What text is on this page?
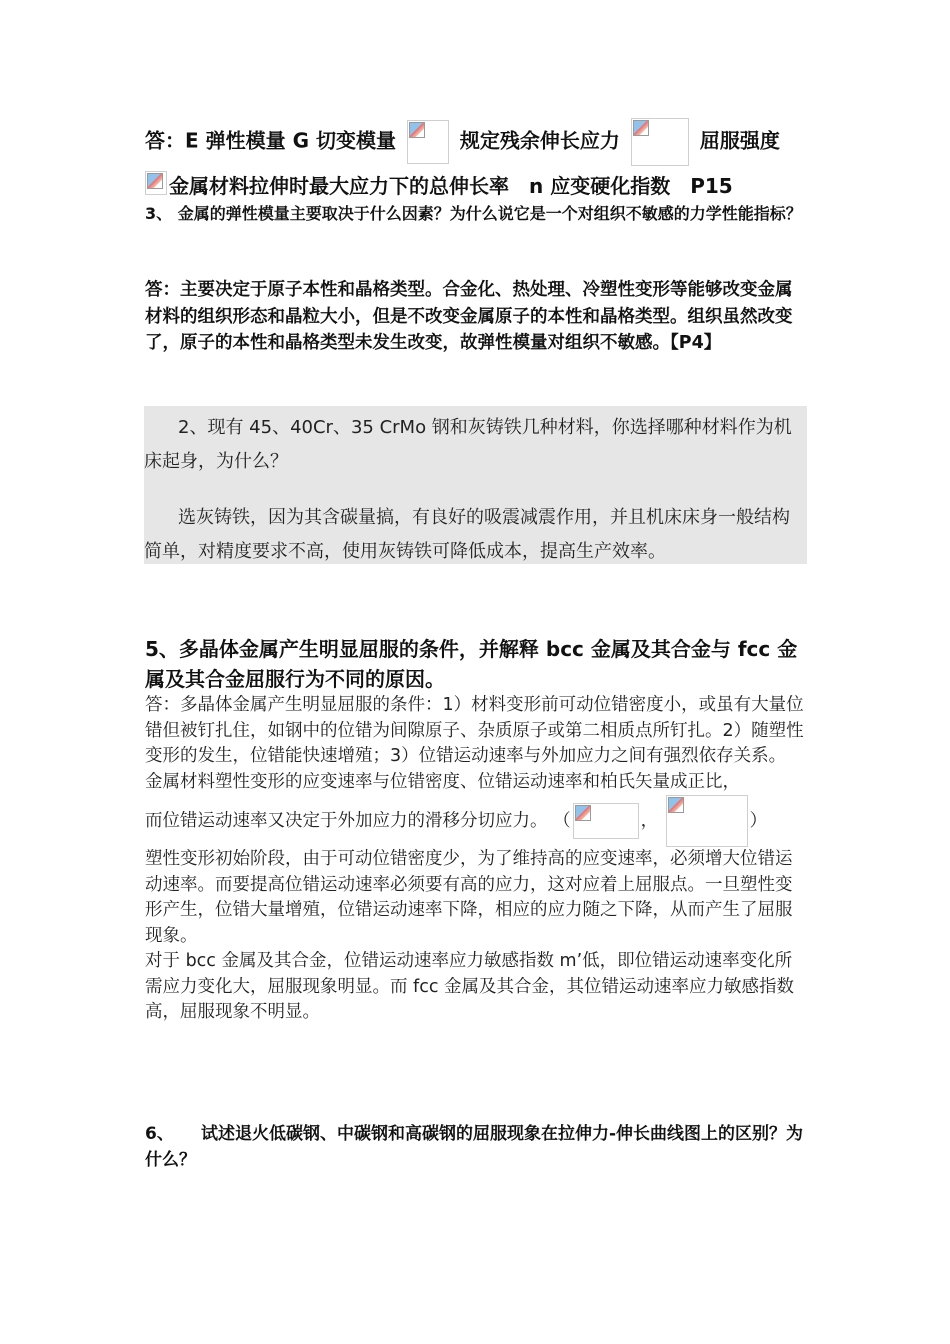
答：E 弹性模量 G 切变模量	规定残余伸长应力	屈服强度
金属材料拉伸时最大应力下的总伸长率　n 应变硬化指数　P15
3、 金属的弹性模量主要取决于什么因素？为什么说它是一个对组织不敏感的力学性能指标？
答：主要决定于原子本性和晶格类型。合金化、热处理、冷塑性变形等能够改变金属材料的组织形态和晶粒大小，但是不改变金属原子的本性和晶格类型。组织虽然改变了，原子的本性和晶格类型未发生改变，故弹性模量对组织不敏感。【P4】

2、现有 45、40Cr、35 CrMo 钢和灰铸铁几种材料，你选择哪种材料作为机床起身，为什么？

选灰铸铁，因为其含碳量搞，有良好的吸震减震作用，并且机床床身一般结构简单，对精度要求不高，使用灰铸铁可降低成本，提高生产效率。

5、多晶体金属产生明显屈服的条件，并解释 bcc 金属及其合金与 fcc 金属及其合金屈服行为不同的原因。
答：多晶体金属产生明显屈服的条件：1）材料变形前可动位错密度小，或虽有大量位错但被钉扎住，如钢中的位错为间隙原子、杂质原子或第二相质点所钉扎。2）随塑性变形的发生，位错能快速增殖；3）位错运动速率与外加应力之间有强烈依存关系。
金属材料塑性变形的应变速率与位错密度、位错运动速率和柏氏矢量成正比，
而位错运动速率又决定于外加应力的滑移分切应力。 （	，	）
塑性变形初始阶段，由于可动位错密度少，为了维持高的应变速率，必须增大位错运动速率。而要提高位错运动速率必须要有高的应力，这对应着上屈服点。一旦塑性变形产生，位错大量增殖，位错运动速率下降，相应的应力随之下降，从而产生了屈服现象。
对于 bcc 金属及其合金，位错运动速率应力敏感指数 m’低，即位错运动速率变化所需应力变化大，屈服现象明显。而 fcc 金属及其合金，其位错运动速率应力敏感指数高，屈服现象不明显。
6、 试述退火低碳钢、中碳钢和高碳钢的屈服现象在拉伸力-伸长曲线图上的区别？为什么？
